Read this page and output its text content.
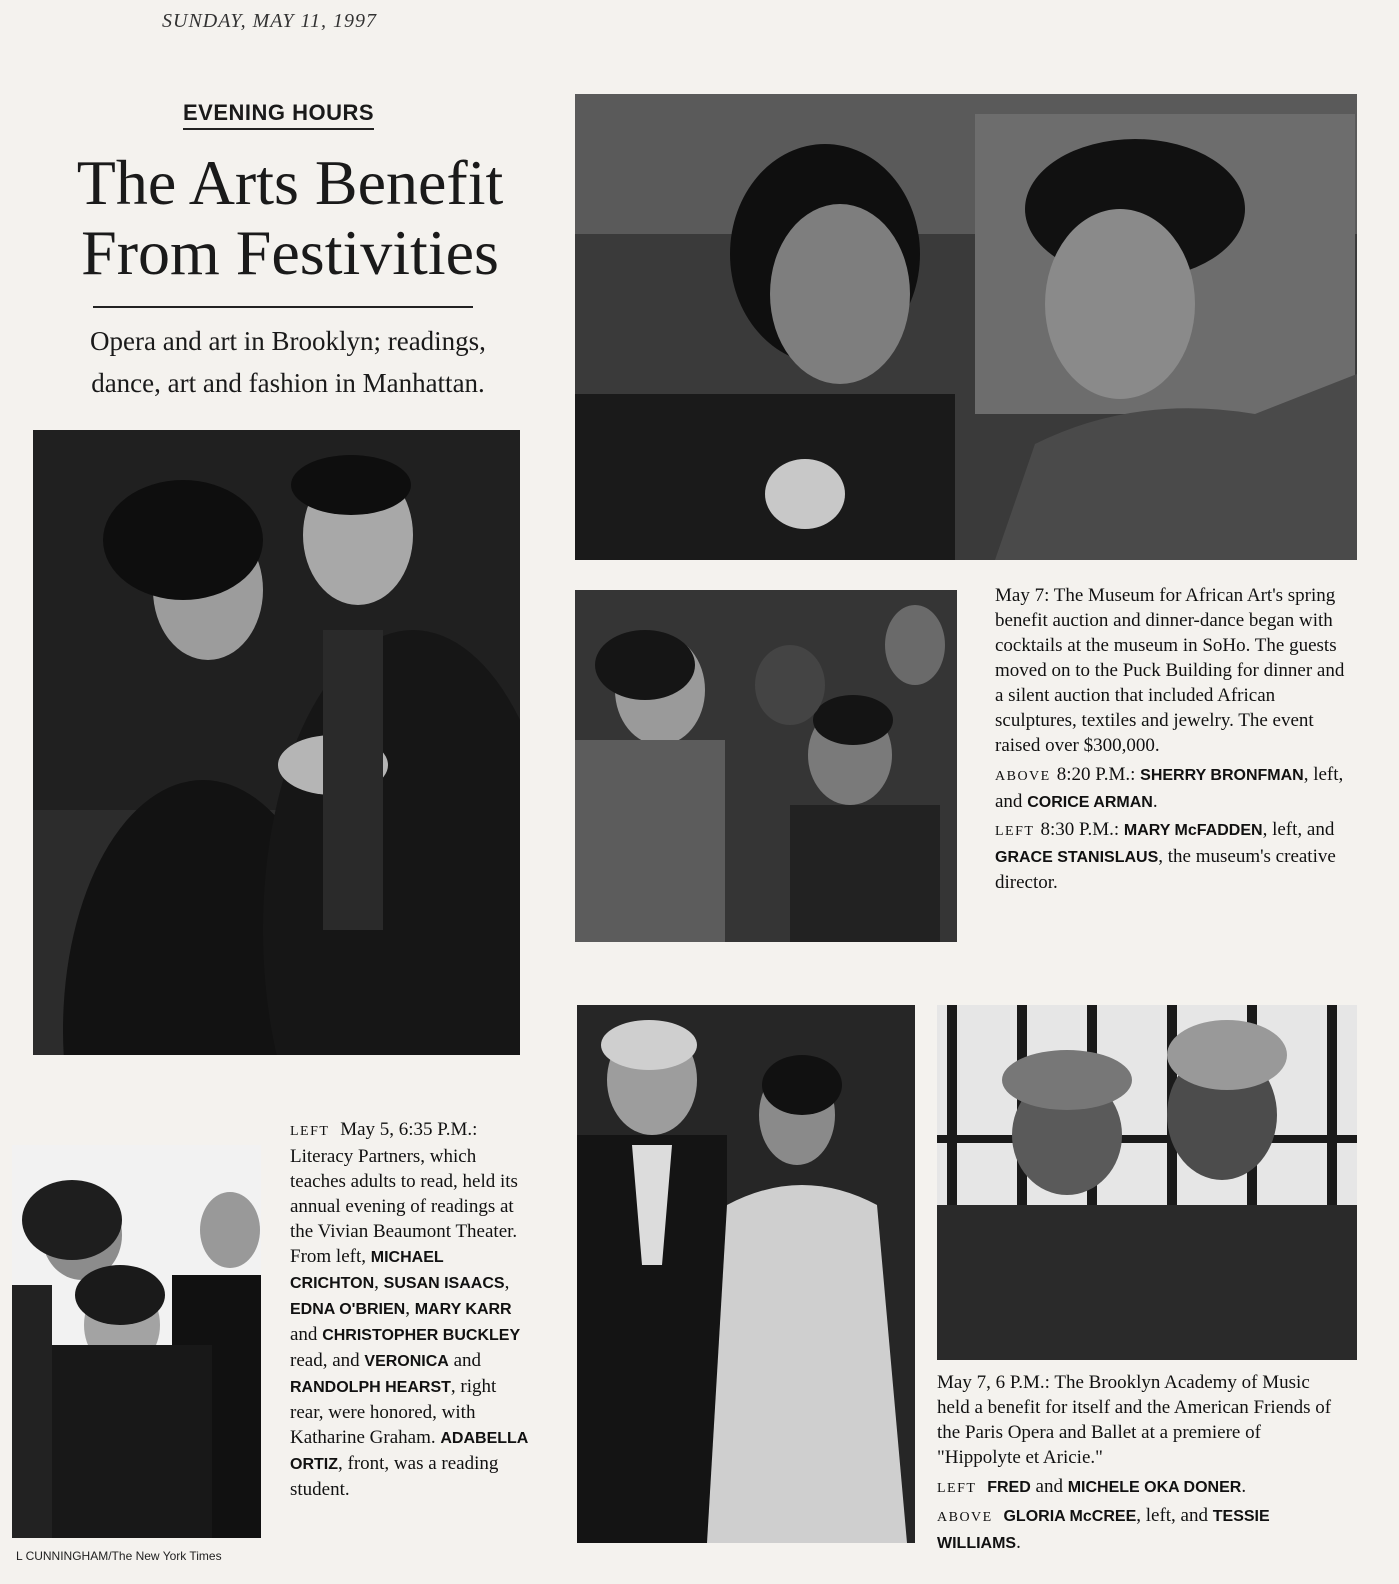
SUNDAY, MAY 11, 1997
EVENING HOURS
The Arts Benefit
From Festivities
Opera and art in Brooklyn; readings,
dance, art and fashion in Manhattan.
May 7: The Museum for African Art's spring benefit auction and dinner-dance began with cocktails at the museum in SoHo. The guests moved on to the Puck Building for dinner and a silent auction that included African sculptures, textiles and jewelry. The event raised over $300,000.
ABOVE 8:20 P.M.: SHERRY BRONFMAN, left, and CORICE ARMAN.
LEFT 8:30 P.M.: MARY McFADDEN, left, and GRACE STANISLAUS, the museum's creative director.
LEFT May 5, 6:35 P.M.: Literacy Partners, which teaches adults to read, held its annual evening of readings at the Vivian Beaumont Theater. From left, MICHAEL CRICHTON, SUSAN ISAACS, EDNA O'BRIEN, MARY KARR and CHRISTOPHER BUCKLEY read, and VERONICA and RANDOLPH HEARST, right rear, were honored, with Katharine Graham. ADABELLA ORTIZ, front, was a reading student.
May 7, 6 P.M.: The Brooklyn Academy of Music held a benefit for itself and the American Friends of the Paris Opera and Ballet at a premiere of "Hippolyte et Aricie."
LEFT FRED and MICHELE OKA DONER.
ABOVE GLORIA McCREE, left, and TESSIE WILLIAMS.
L CUNNINGHAM/The New York Times
